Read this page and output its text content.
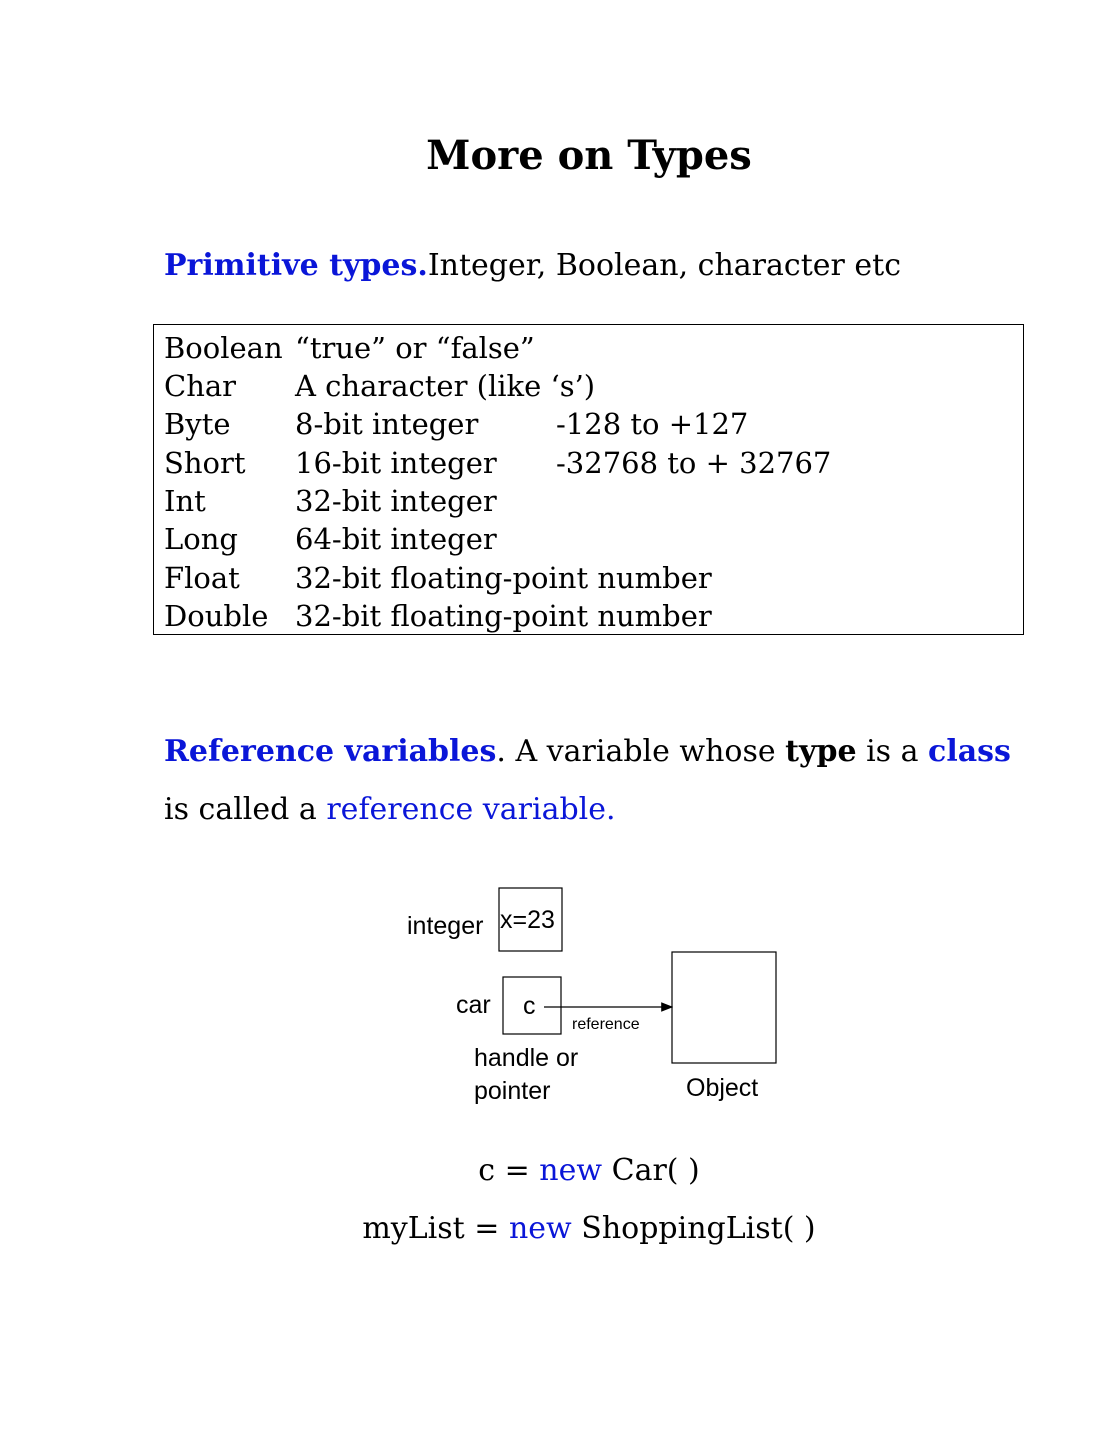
More on Types
Primitive types.Integer, Boolean, character etc
Boolean “true” or “false”
Char A character (like ‘s’)
Byte 8-bit integer	-128 to +127
Short 16-bit integer -32768 to + 32767
Int	32-bit integer
Long 64-bit integer
Float 32-bit floating-point number
Double 32-bit floating-point number
Reference variables. A variable whose type is a class
is called a reference variable.
integer x=23
car c
reference
Object
handle or
pointer
c = new Car( )
myList = new ShoppingList( )
